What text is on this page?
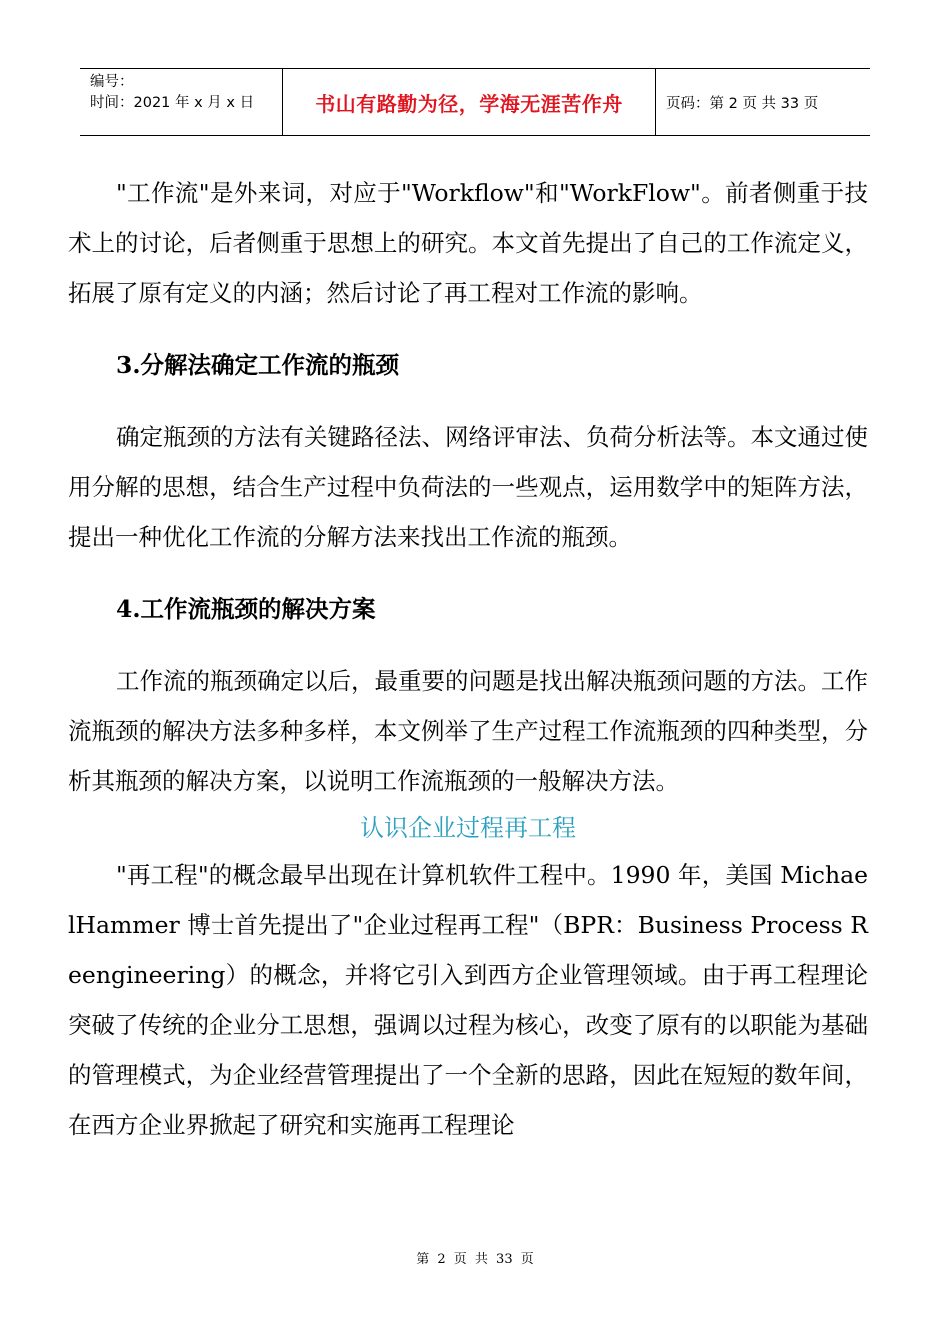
编号：
时间：2021 年 x 月 x 日	书山有路勤为径，学海无涯苦作舟	页码：第 2 页 共 33 页

"工作流"是外来词，对应于"Workflow"和"WorkFlow"。前者侧重于技术上的讨论，后者侧重于思想上的研究。本文首先提出了自己的工作流定义，拓展了原有定义的内涵；然后讨论了再工程对工作流的影响。

3.分解法确定工作流的瓶颈

确定瓶颈的方法有关键路径法、网络评审法、负荷分析法等。本文通过使用分解的思想，结合生产过程中负荷法的一些观点，运用数学中的矩阵方法，提出一种优化工作流的分解方法来找出工作流的瓶颈。

4.工作流瓶颈的解决方案

工作流的瓶颈确定以后，最重要的问题是找出解决瓶颈问题的方法。工作流瓶颈的解决方法多种多样，本文例举了生产过程工作流瓶颈的四种类型，分析其瓶颈的解决方案，以说明工作流瓶颈的一般解决方法。

认识企业过程再工程

"再工程"的概念最早出现在计算机软件工程中。1990 年，美国 MichaelHammer 博士首先提出了"企业过程再工程"（BPR：Business Process Reengineering）的概念，并将它引入到西方企业管理领域。由于再工程理论突破了传统的企业分工思想，强调以过程为核心，改变了原有的以职能为基础的管理模式，为企业经营管理提出了一个全新的思路，因此在短短的数年间，在西方企业界掀起了研究和实施再工程理论

第 2 页 共 33 页
